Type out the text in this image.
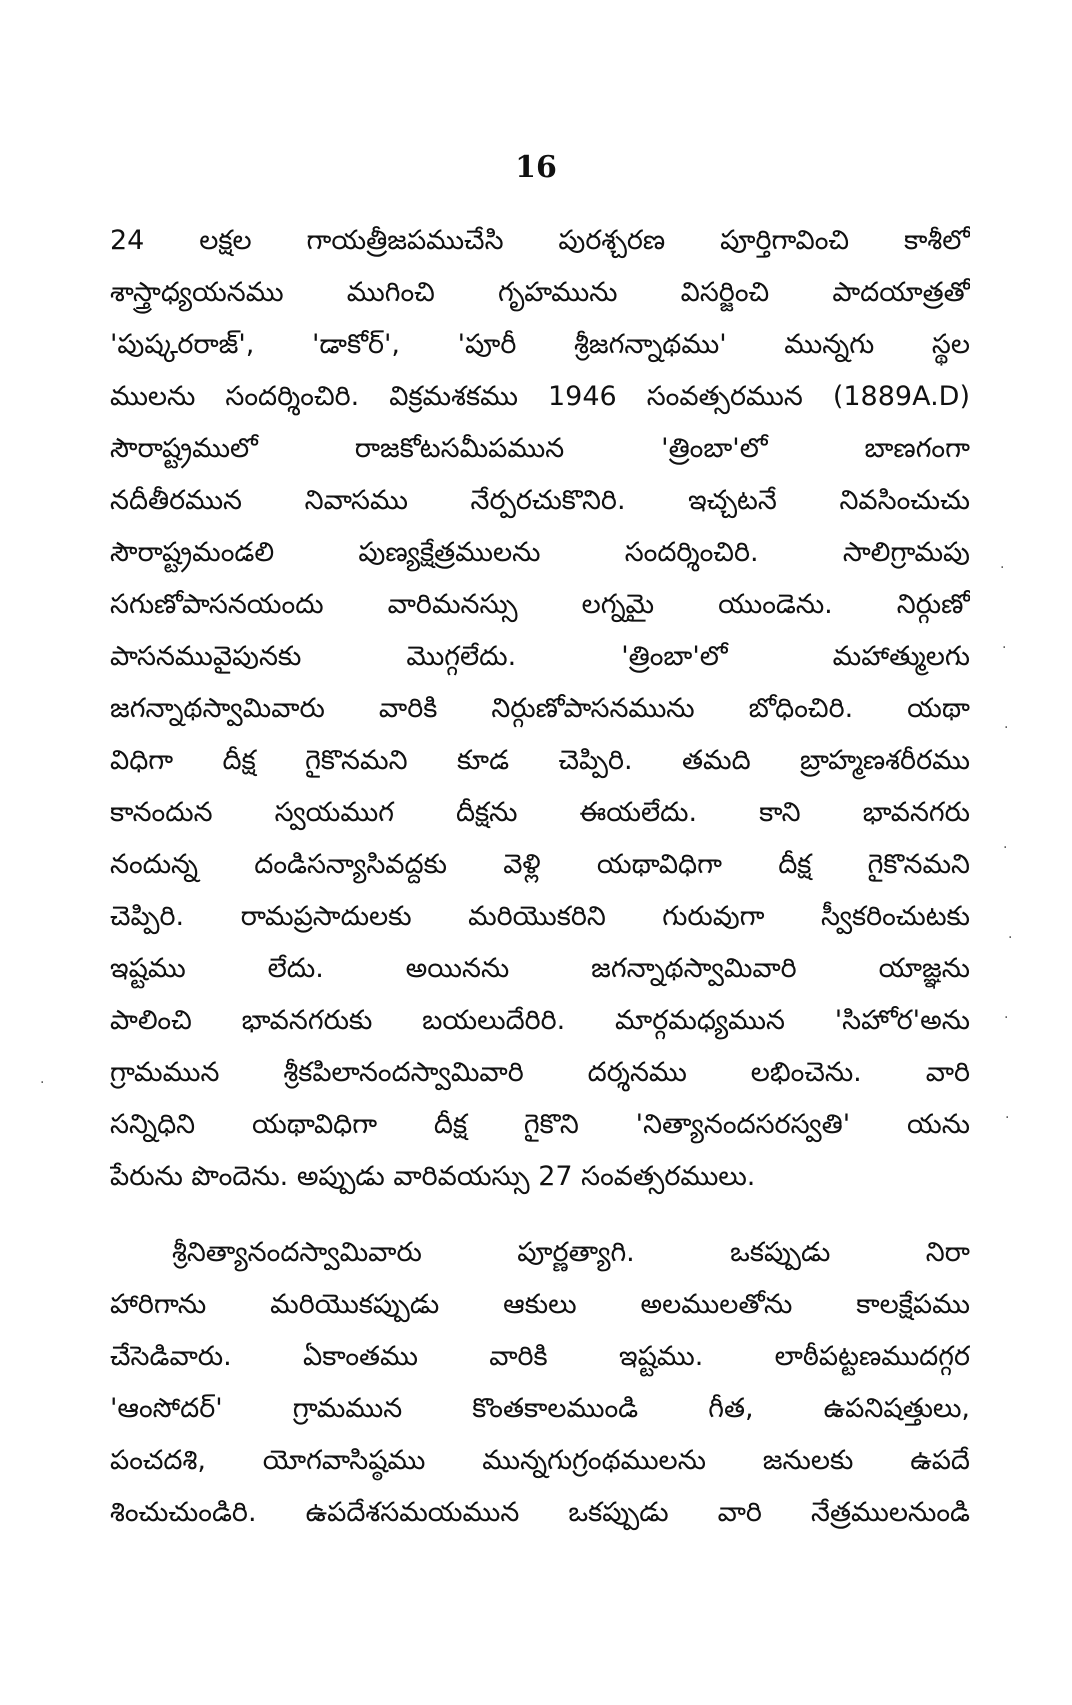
16
24 లక్షల గాయత్రీజపముచేసి పురశ్చరణ పూర్తిగావించి కాశీలో
శాస్త్రాధ్యయనము ముగించి గృహమును విసర్జించి పాదయాత్రతో
'పుష్కరరాజ్', 'డాకోర్', 'పూరీ శ్రీజగన్నాథము' మున్నగు స్థల
ములను సందర్శించిరి. విక్రమశకము 1946 సంవత్సరమున (1889A.D)
సౌరాష్ట్రములో రాజకోటసమీపమున 'త్రింబా'లో బాణగంగా
నదీతీరమున నివాసము నేర్పరచుకొనిరి. ఇచ్చటనే నివసించుచు
సౌరాష్ట్రమండలి పుణ్యక్షేత్రములను సందర్శించిరి. సాలిగ్రామపు
సగుణోపాసనయందు వారిమనస్సు లగ్నమై యుండెను. నిర్గుణో
పాసనమువైపునకు మొగ్గలేదు. 'త్రింబా'లో మహాత్ములగు
జగన్నాథస్వామివారు వారికి నిర్గుణోపాసనమును బోధించిరి. యథా
విధిగా దీక్ష గైకొనమని కూడ చెప్పిరి. తమది బ్రాహ్మణశరీరము
కానందున స్వయముగ దీక్షను ఈయలేదు. కాని భావనగరు
నందున్న దండిసన్యాసివద్దకు వెళ్లి యథావిధిగా దీక్ష గైకొనమని
చెప్పిరి. రామప్రసాదులకు మరియొకరిని గురువుగా స్వీకరించుటకు
ఇష్టము లేదు. అయినను జగన్నాథస్వామివారి యాజ్ఞను
పాలించి భావనగరుకు బయలుదేరిరి. మార్గమధ్యమున 'సిహోర'అను
గ్రామమున శ్రీకపిలానందస్వామివారి దర్శనము లభించెను. వారి
సన్నిధిని యథావిధిగా దీక్ష గైకొని 'నిత్యానందసరస్వతి' యను
పేరును పొందెను. అప్పుడు వారివయస్సు 27 సంవత్సరములు.
శ్రీనిత్యానందస్వామివారు పూర్ణత్యాగి. ఒకప్పుడు నిరా
హారిగాను మరియొకప్పుడు ఆకులు అలములతోను కాలక్షేపము
చేసెడివారు. ఏకాంతము వారికి ఇష్టము. లాఠీపట్టణముదగ్గర
'ఆంసోదర్' గ్రామమున కొంతకాలముండి గీత, ఉపనిషత్తులు,
పంచదశి, యోగవాసిష్ఠము మున్నగుగ్రంథములను జనులకు ఉపదే
శించుచుండిరి. ఉపదేశసమయమున ఒకప్పుడు వారి నేత్రములనుండి
·
·
·
·
·
·
·
·
